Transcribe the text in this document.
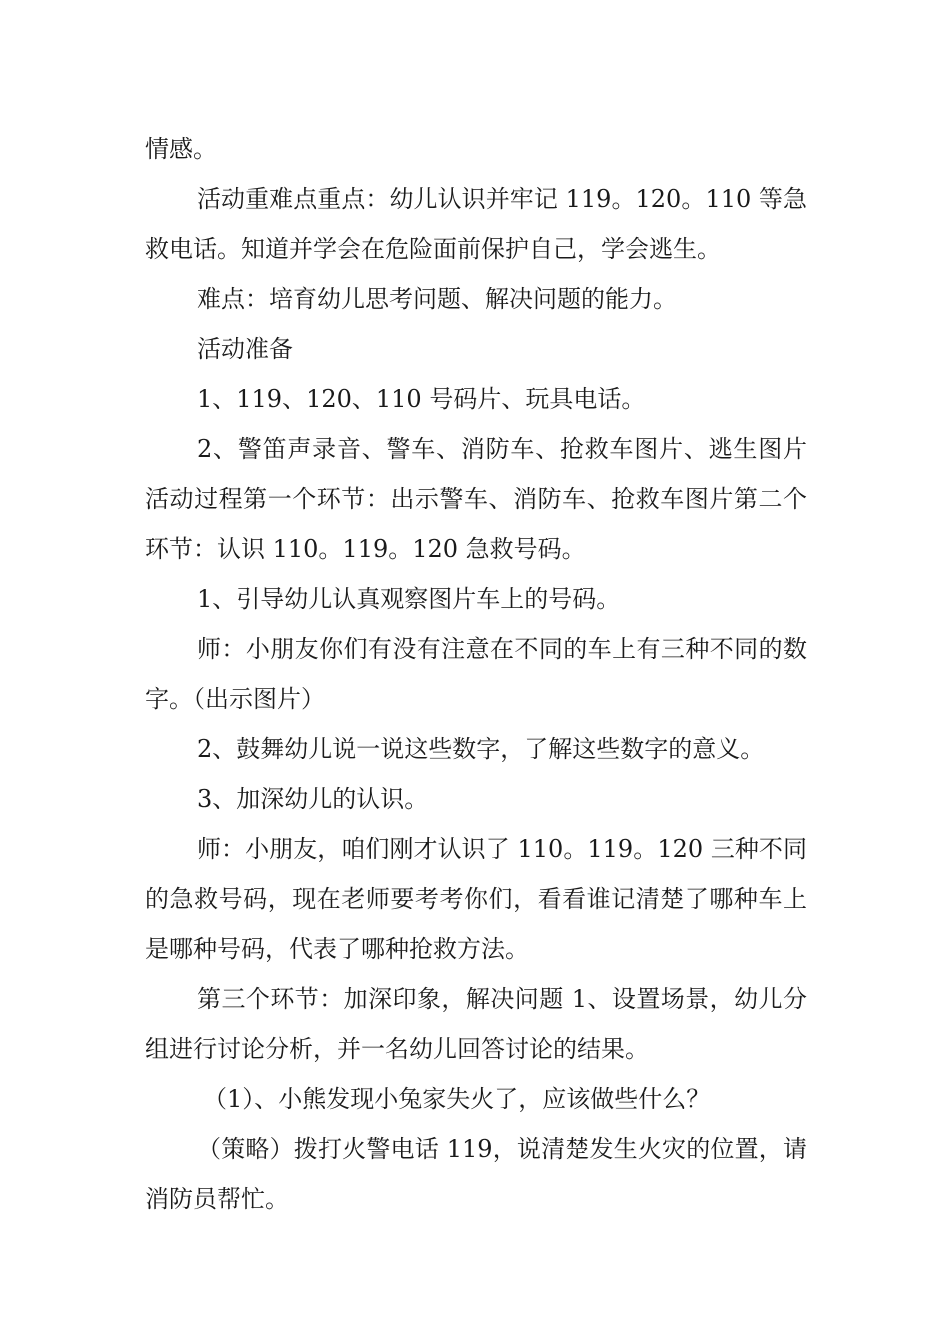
情感。

活动重难点重点：幼儿认识并牢记 119。120。110 等急救电话。知道并学会在危险面前保护自己，学会逃生。

难点：培育幼儿思考问题、解决问题的能力。

活动准备

1、119、120、110 号码片、玩具电话。

2、警笛声录音、警车、消防车、抢救车图片、逃生图片活动过程第一个环节：出示警车、消防车、抢救车图片第二个环节：认识 110。119。120 急救号码。

1、引导幼儿认真观察图片车上的号码。

师：小朋友你们有没有注意在不同的车上有三种不同的数字。（出示图片）

2、鼓舞幼儿说一说这些数字，了解这些数字的意义。

3、加深幼儿的认识。

师：小朋友，咱们刚才认识了 110。119。120 三种不同的急救号码，现在老师要考考你们，看看谁记清楚了哪种车上是哪种号码，代表了哪种抢救方法。

第三个环节：加深印象，解决问题 1、设置场景，幼儿分组进行讨论分析，并一名幼儿回答讨论的结果。

（1）、小熊发现小兔家失火了，应该做些什么？

（策略）拨打火警电话 119，说清楚发生火灾的位置，请消防员帮忙。
